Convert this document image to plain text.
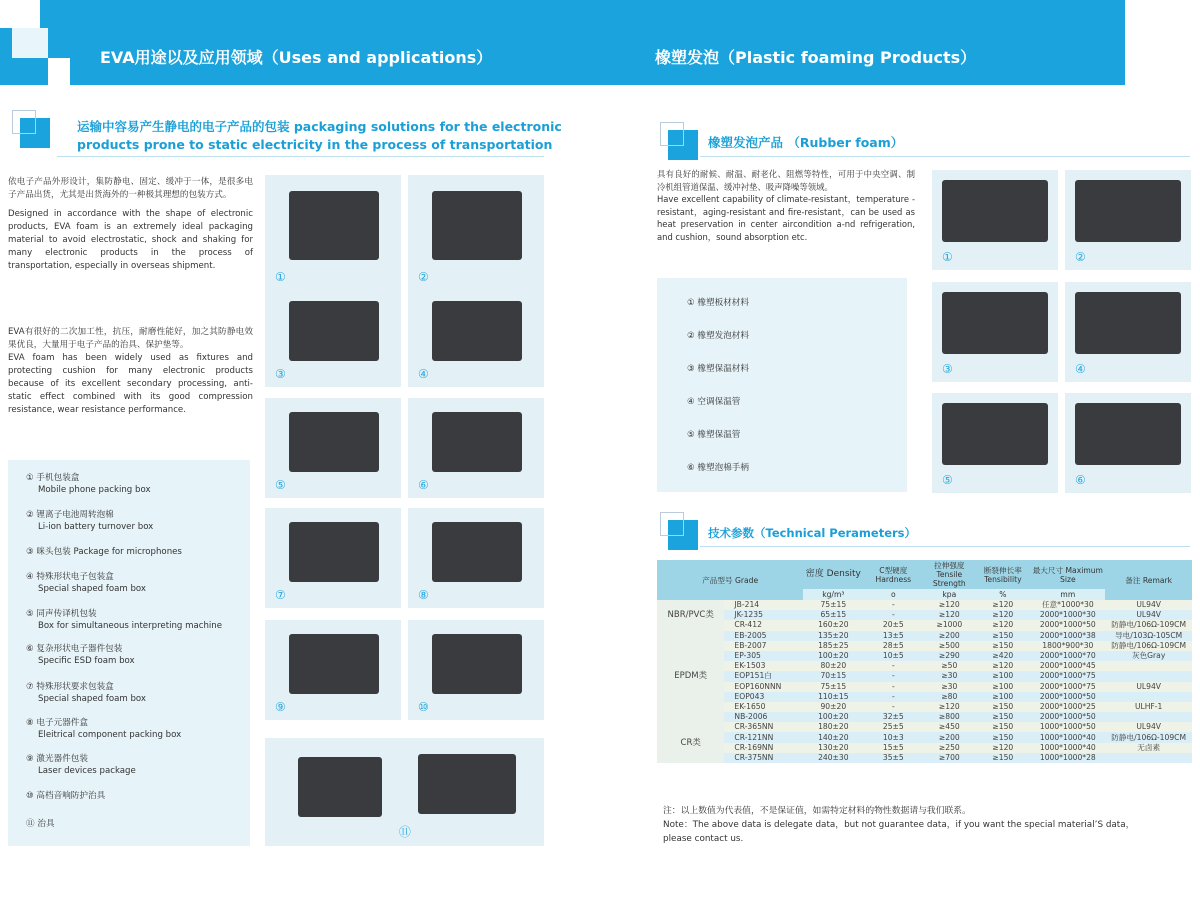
EVA用途以及应用领域（Uses and applications）	橡塑发泡（Plastic foaming Products）
运输中容易产生静电的电子产品的包装 packaging solutions for the electronic
products prone to static electricity in the process of transportation

依电子产品外形设计，集防静电、固定、缓冲于一体，是很多电子产品出货，尤其是出货海外的一种极其理想的包装方式。

Designed in accordance with the shape of electronic products, EVA foam is an extremely ideal packaging material to avoid electrostatic, shock and shaking for many electronic products in the process of transportation, especially in overseas shipment.

EVA有很好的二次加工性，抗压，耐磨性能好，加之其防静电效果优良，大量用于电子产品的治具、保护垫等。

EVA foam has been widely used as fixtures and protecting cushion for many electronic products because of its excellent secondary processing, anti-static effect combined with its good compression resistance, wear resistance performance.

① 手机包装盒
Mobile phone packing box
② 锂离子电池周转泡棉
Li-ion battery turnover box
③ 咪头包装 Package for microphones
④ 特殊形状电子包装盒
Special shaped foam box
⑤ 同声传译机包装
Box for simultaneous interpreting machine
⑥ 复杂形状电子器件包装
Specific ESD foam box
⑦ 特殊形状要求包装盒
Special shaped foam box
⑧ 电子元器件盒
Eleitrical component packing box
⑨ 激光器件包装
Laser devices package
⑩ 高档音响防护治具
⑪ 治具
①	②
③	④
⑤	⑥
⑦	⑧
⑨	⑩
⑪
橡塑发泡产品 （Rubber foam）

具有良好的耐候、耐温、耐老化、阻燃等特性，可用于中央空调、制冷机组管道保温、缓冲衬垫、吸声降噪等领域。

Have excellent capability of climate-resistant，temperature -resistant，aging-resistant and fire-resistant，can be used as heat preservation in center aircondition a-nd refrigeration, and cushion，sound absorption etc.

① 橡塑板材材料
② 橡塑发泡材料
③ 橡塑保温材料
④ 空调保温管
⑤ 橡塑保温管
⑥ 橡塑泡棉手柄
①	②
③	④
⑤	⑥
技术参数（Technical Perameters）
产品型号 Grade		密度 Density	C型硬度 Hardness	拉伸强度 Tensile Strength	断裂伸长率 Tensibility	最大尺寸 Maximum Size	备注 Remark
		kg/m³	o	kpa	%	mm	
NBR/PVC类	JB-214	75±15	-	≥120	≥120	任意*1000*30	UL94V
	JK-1235	65±15	-	≥120	≥120	2000*1000*30	UL94V
	CR-412	160±20	20±5	≥1000	≥120	2000*1000*50	防静电/106Ω-109CM
EPDM类	EB-2005	135±20	13±5	≥200	≥150	2000*1000*38	导电/103Ω-105CM
	EB-2007	185±25	28±5	≥500	≥150	1800*900*30	防静电/106Ω-109CM
	EP-305	100±20	10±5	≥290	≥420	2000*1000*70	灰色Gray
	EK-1503	80±20	-	≥50	≥120	2000*1000*45	
	EOP151白	70±15	-	≥30	≥100	2000*1000*75	
	EOP160NNN	75±15	-	≥30	≥100	2000*1000*75	UL94V
	EOP043	110±15	-	≥80	≥100	2000*1000*50	
	EK-1650	90±20	-	≥120	≥150	2000*1000*25	ULHF-1
	NB-2006	100±20	32±5	≥800	≥150	2000*1000*50	
CR类	CR-365NN	180±20	25±5	≥450	≥150	1000*1000*50	UL94V
	CR-121NN	140±20	10±3	≥200	≥150	1000*1000*40	防静电/106Ω-109CM
	CR-169NN	130±20	15±5	≥250	≥120	1000*1000*40	无卤素
	CR-375NN	240±30	35±5	≥700	≥150	1000*1000*28	
注：以上数值为代表值，不是保证值，如需特定材料的物性数据请与我们联系。
Note：The above data is delegate data，but not guarantee data，if you want the special material’S data，please contact us.
